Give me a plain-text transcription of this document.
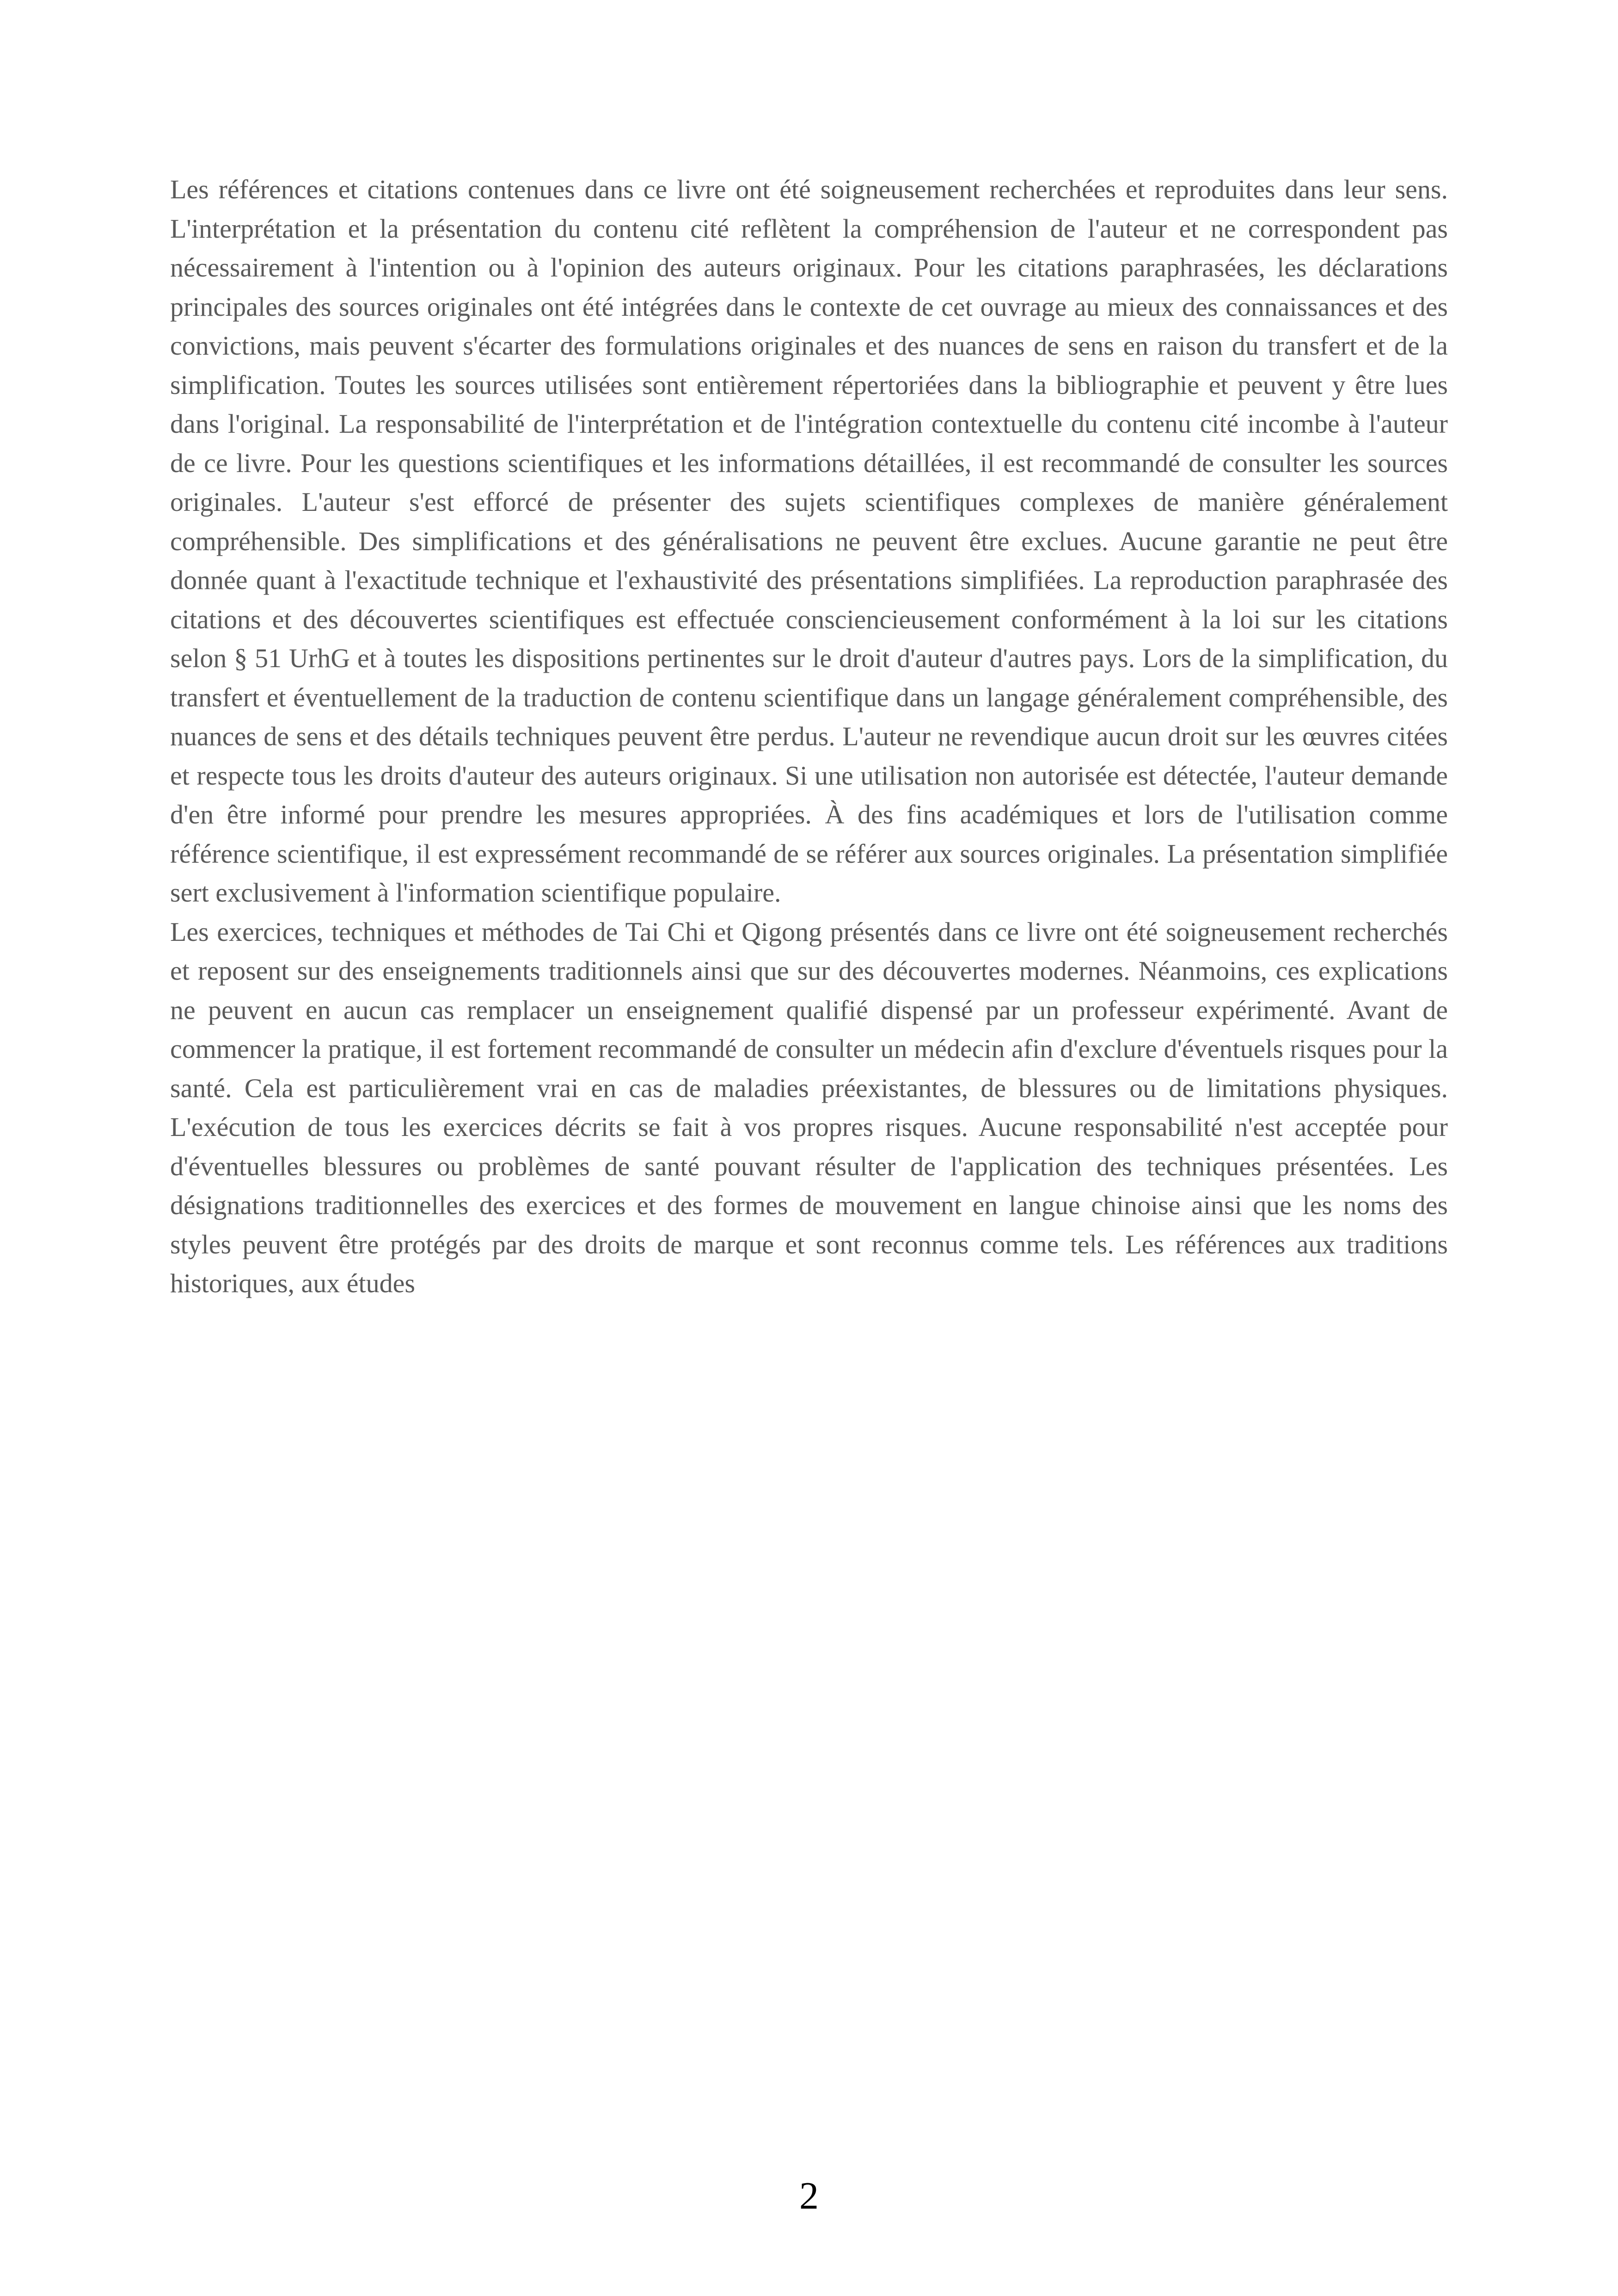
Les références et citations contenues dans ce livre ont été soigneusement recherchées et reproduites dans leur sens. L'interprétation et la présentation du contenu cité reflètent la compréhension de l'auteur et ne correspondent pas nécessairement à l'intention ou à l'opinion des auteurs originaux. Pour les citations paraphrasées, les déclarations principales des sources originales ont été intégrées dans le contexte de cet ouvrage au mieux des connaissances et des convictions, mais peuvent s'écarter des formulations originales et des nuances de sens en raison du transfert et de la simplification. Toutes les sources utilisées sont entièrement répertoriées dans la bibliographie et peuvent y être lues dans l'original. La responsabilité de l'interprétation et de l'intégration contextuelle du contenu cité incombe à l'auteur de ce livre. Pour les questions scientifiques et les informations détaillées, il est recommandé de consulter les sources originales. L'auteur s'est efforcé de présenter des sujets scientifiques complexes de manière généralement compréhensible. Des simplifications et des généralisations ne peuvent être exclues. Aucune garantie ne peut être donnée quant à l'exactitude technique et l'exhaustivité des présentations simplifiées. La reproduction paraphrasée des citations et des découvertes scientifiques est effectuée consciencieusement conformément à la loi sur les citations selon § 51 UrhG et à toutes les dispositions pertinentes sur le droit d'auteur d'autres pays. Lors de la simplification, du transfert et éventuellement de la traduction de contenu scientifique dans un langage généralement compréhensible, des nuances de sens et des détails techniques peuvent être perdus. L'auteur ne revendique aucun droit sur les œuvres citées et respecte tous les droits d'auteur des auteurs originaux. Si une utilisation non autorisée est détectée, l'auteur demande d'en être informé pour prendre les mesures appropriées. À des fins académiques et lors de l'utilisation comme référence scientifique, il est expressément recommandé de se référer aux sources originales. La présentation simplifiée sert exclusivement à l'information scientifique populaire.

Les exercices, techniques et méthodes de Tai Chi et Qigong présentés dans ce livre ont été soigneusement recherchés et reposent sur des enseignements traditionnels ainsi que sur des découvertes modernes. Néanmoins, ces explications ne peuvent en aucun cas remplacer un enseignement qualifié dispensé par un professeur expérimenté. Avant de commencer la pratique, il est fortement recommandé de consulter un médecin afin d'exclure d'éventuels risques pour la santé. Cela est particulièrement vrai en cas de maladies préexistantes, de blessures ou de limitations physiques. L'exécution de tous les exercices décrits se fait à vos propres risques. Aucune responsabilité n'est acceptée pour d'éventuelles blessures ou problèmes de santé pouvant résulter de l'application des techniques présentées. Les désignations traditionnelles des exercices et des formes de mouvement en langue chinoise ainsi que les noms des styles peuvent être protégés par des droits de marque et sont reconnus comme tels. Les références aux traditions historiques, aux études

2
